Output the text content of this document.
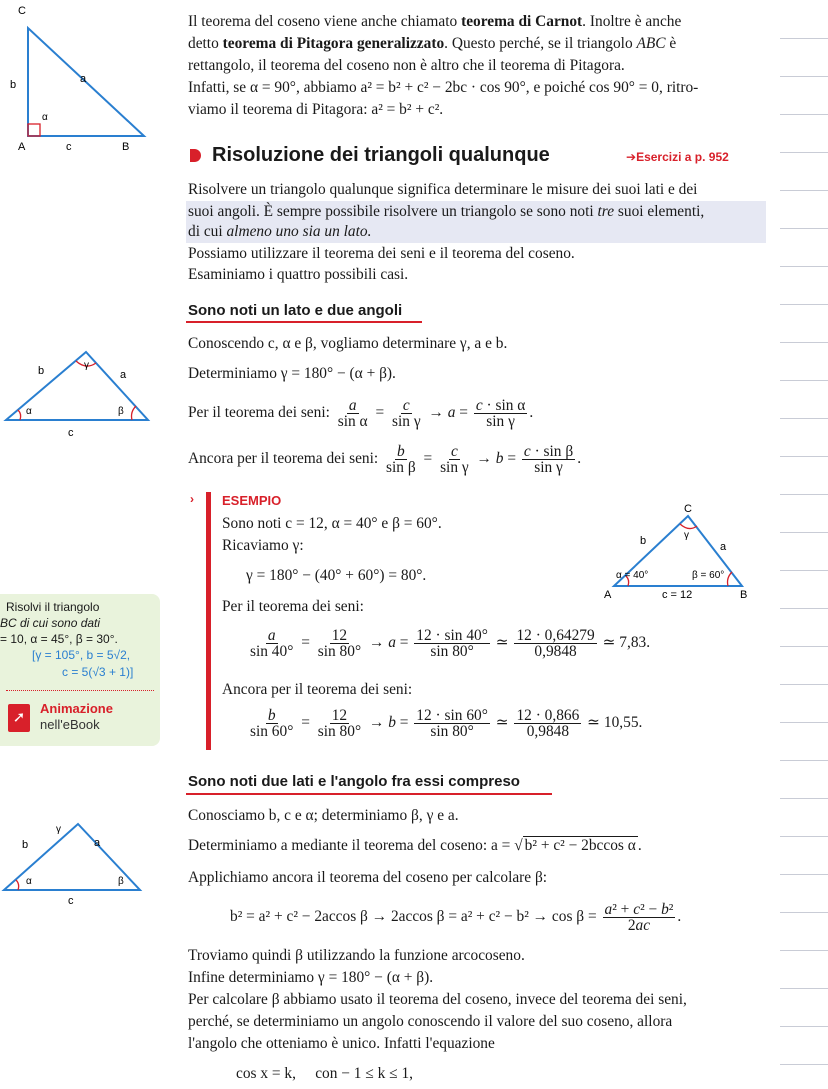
C
b	a
α
A	c	B
Il teorema del coseno viene anche chiamato teorema di Carnot. Inoltre è anche
detto teorema di Pitagora generalizzato. Questo perché, se il triangolo ABC è
rettangolo, il teorema del coseno non è altro che il teorema di Pitagora.
Infatti, se α = 90°, abbiamo a² = b² + c² − 2bc · cos 90°, e poiché cos 90° = 0, ritro-
viamo il teorema di Pitagora: a² = b² + c².
Risoluzione dei triangoli qualunque	➔Esercizi a p. 952
Risolvere un triangolo qualunque significa determinare le misure dei suoi lati e dei
suoi angoli. È sempre possibile risolvere un triangolo se sono noti tre suoi elementi,
di cui almeno uno sia un lato.
Possiamo utilizzare il teorema dei seni e il teorema del coseno.
Esaminiamo i quattro possibili casi.
Sono noti un lato e due angoli
b	γ
a
α	β
c
Conoscendo c, α e β, vogliamo determinare γ, a e b.
Determiniamo γ = 180° − (α + β).
Per il teorema dei seni: $\frac{a}{\text{sin α}} = \frac{c}{\text{sin γ}} \to a = \frac{\text{c · sin α}}{\text{sin γ}}$ .
Ancora per il teorema dei seni: $\frac{b}{\text{sin β}} = \frac{c}{\text{sin γ}} \to b = \frac{\text{c · sin β}}{\text{sin γ}}$ .
› ESEMPIO
Sono noti c = 12, α = 40° e β = 60°.
Ricaviamo γ:
γ = 180° − (40° + 60°) = 80°.
Per il teorema dei seni:
$\frac{a}{\sin 40^\circ} = \frac{12}{\sin 80^\circ} \to a = \frac{12 \cdot \sin 40^\circ}{\sin 80^\circ}$ ≃ $\frac{12 \cdot 0,64279}{0,9848}$ ≃ 7,83.
Ancora per il teorema dei seni:
$\frac{b}{\sin 60^\circ} = \frac{12}{\sin 80^\circ} \to b = \frac{12 \cdot \sin 60^\circ}{\sin 80^\circ}$ ≃ $\frac{12 \cdot 0,866}{0,9848}$ ≃ 10,55.
C
γ
b	a
α = 40°	β = 60°
A	c = 12	B
Risolvi il triangolo
BC di cui sono dati
= 10, α = 45°, β = 30°.
[γ = 105°, b = 5√2,
c = 5(√3 + 1)]
➚
Animazione
nell'eBook
Sono noti due lati e l'angolo fra essi compreso
b
γ
a
α	β
c
Conosciamo b, c e α; determiniamo β, γ e a.
Determiniamo a mediante il teorema del coseno: a = √ b² + c² − 2bccos α .
Applichiamo ancora il teorema del coseno per calcolare β:
b² = a² + c² − 2accos β → 2accos $\beta = a^2 + c^2 - b^2 \to \cos \beta = \frac{\text{a² + c² − b²}}{2ac}$ .
Troviamo quindi β utilizzando la funzione arcocoseno.
Infine determiniamo γ = 180° − (α + β).
Per calcolare β abbiamo usato il teorema del coseno, invece del teorema dei seni,
perché, se determiniamo un angolo conoscendo il valore del suo coseno, allora
l'angolo che otteniamo è unico. Infatti l'equazione
cos x = k,     con − 1 ≤ k ≤ 1,
